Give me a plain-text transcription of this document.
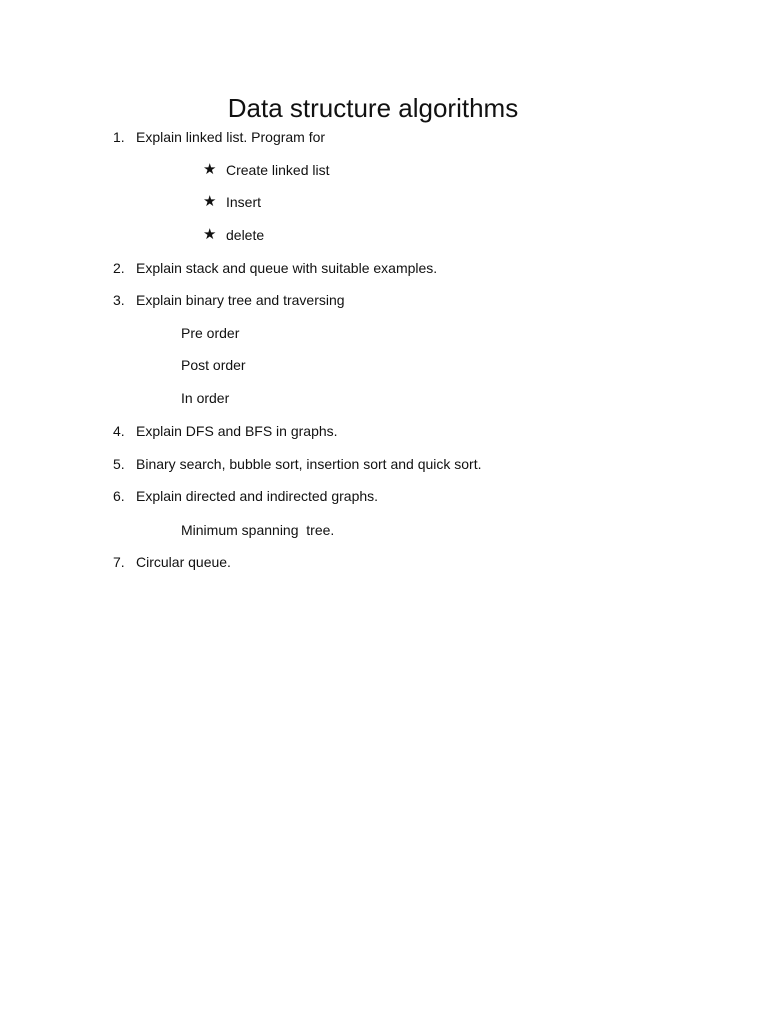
Data structure algorithms
1. Explain linked list. Program for
★ Create linked list
★ Insert
★ delete
2. Explain stack and queue with suitable examples.
3. Explain binary tree and traversing
Pre order
Post order
In order
4. Explain DFS and BFS in graphs.
5. Binary search, bubble sort, insertion sort and quick sort.
6. Explain directed and indirected graphs.
Minimum spanning  tree.
7. Circular queue.
